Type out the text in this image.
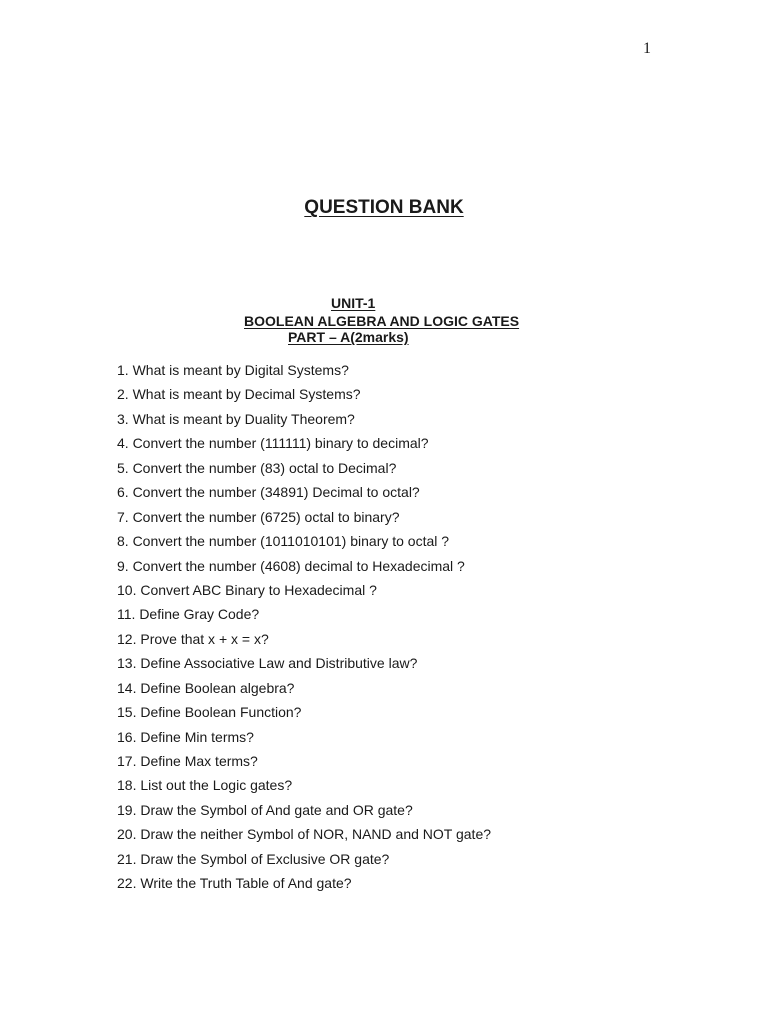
1
QUESTION BANK
UNIT-1
BOOLEAN ALGEBRA AND LOGIC GATES
PART – A(2marks)
1. What is meant by Digital Systems?
2. What is meant by Decimal Systems?
3. What is meant by Duality Theorem?
4. Convert the number (111111) binary to decimal?
5. Convert the number (83) octal to Decimal?
6. Convert the number (34891) Decimal to octal?
7. Convert the number (6725) octal to binary?
8. Convert the number (1011010101) binary to octal ?
9. Convert the number (4608) decimal to Hexadecimal ?
10. Convert ABC Binary to Hexadecimal ?
11. Define Gray Code?
12. Prove that x + x = x?
13. Define Associative Law and Distributive law?
14. Define Boolean algebra?
15. Define Boolean Function?
16. Define Min terms?
17. Define Max terms?
18. List out the Logic gates?
19. Draw the Symbol of And gate and OR gate?
20. Draw the neither Symbol of NOR, NAND and NOT gate?
21. Draw the Symbol of Exclusive OR gate?
22. Write the Truth Table of And gate?
